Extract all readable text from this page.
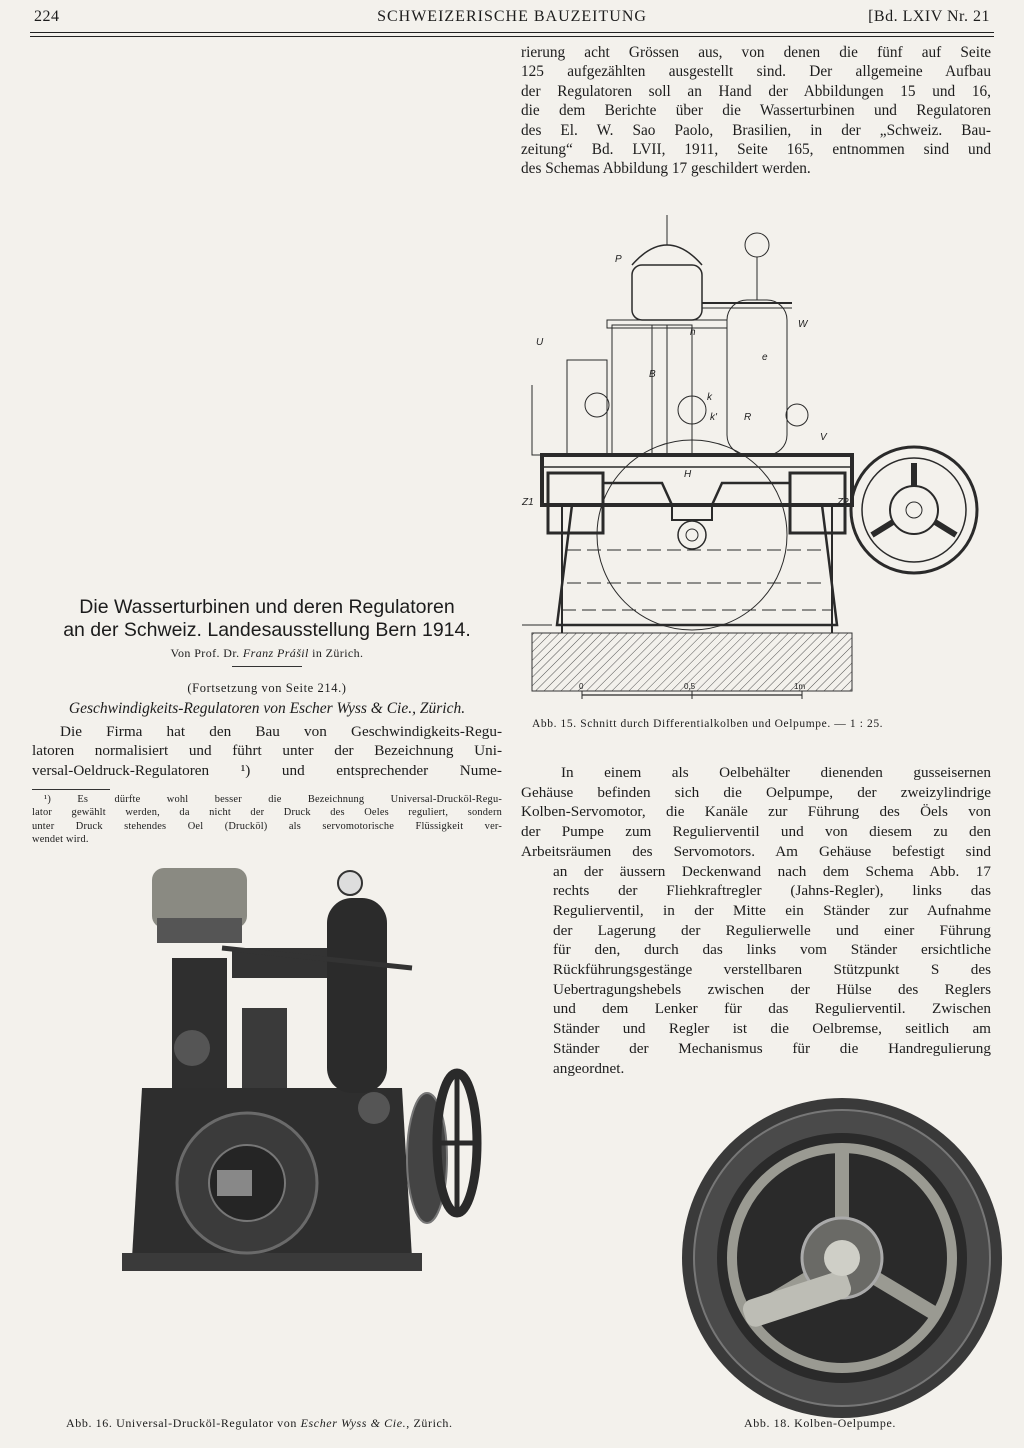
224	SCHWEIZERISCHE BAUZEITUNG	[Bd. LXIV Nr. 21

rierung acht Grössen aus, von denen die fünf auf Seite

125 aufgezählten ausgestellt sind. Der allgemeine Aufbau

der Regulatoren soll an Hand der Abbildungen 15 und 16,

die dem Berichte über die Wasserturbinen und Regulatoren

des El. W. Sao Paolo, Brasilien, in der „Schweiz. Bau-

zeitung“ Bd. LVII, 1911, Seite 165, entnommen sind und

des Schemas Abbildung 17 geschildert werden.

P
U
h
e
W
B
k
k'	R
V
H
Z1	Z2
0	0,5	1m
Abb. 15. Schnitt durch Differentialkolben und Oelpumpe. — 1 : 25.
Die Wasserturbinen und deren Regulatoren
an der Schweiz. Landesausstellung Bern 1914.
Von Prof. Dr. Franz Prášil in Zürich.
(Fortsetzung von Seite 214.)
Geschwindigkeits-Regulatoren von Escher Wyss & Cie., Zürich.

Die Firma hat den Bau von Geschwindigkeits-Regu-

latoren normalisiert und führt unter der Bezeichnung Uni-

versal-Oeldruck-Regulatoren ¹) und entsprechender Nume-

¹) Es dürfte wohl besser die Bezeichnung Universal-Drucköl-Regu-
lator gewählt werden, da nicht der Druck des Oeles reguliert, sondern
unter Druck stehendes Oel (Drucköl) als servomotorische Flüssigkeit ver-
wendet wird.

In einem als Oelbehälter dienenden gusseisernen

Gehäuse befinden sich die Oelpumpe, der zweizylindrige

Kolben-Servomotor, die Kanäle zur Führung des Öels von

der Pumpe zum Regulierventil und von diesem zu den

Arbeitsräumen des Servomotors. Am Gehäuse befestigt sind

an der äussern Deckenwand nach dem Schema Abb. 17

rechts der Fliehkraftregler (Jahns-Regler), links das

Regulierventil, in der Mitte ein Ständer zur Aufnahme

der Lagerung der Regulierwelle und einer Führung

für den, durch das links vom Ständer ersichtliche

Rückführungsgestänge verstellbaren Stützpunkt S des

Uebertragungshebels zwischen der Hülse des Reglers

und dem Lenker für das Regulierventil. Zwischen

Ständer und Regler ist die Oelbremse, seitlich am

Ständer der Mechanismus für die Handregulierung

angeordnet.

Abb. 16. Universal-Drucköl-Regulator von Escher Wyss & Cie., Zürich.	Abb. 18. Kolben-Oelpumpe.
